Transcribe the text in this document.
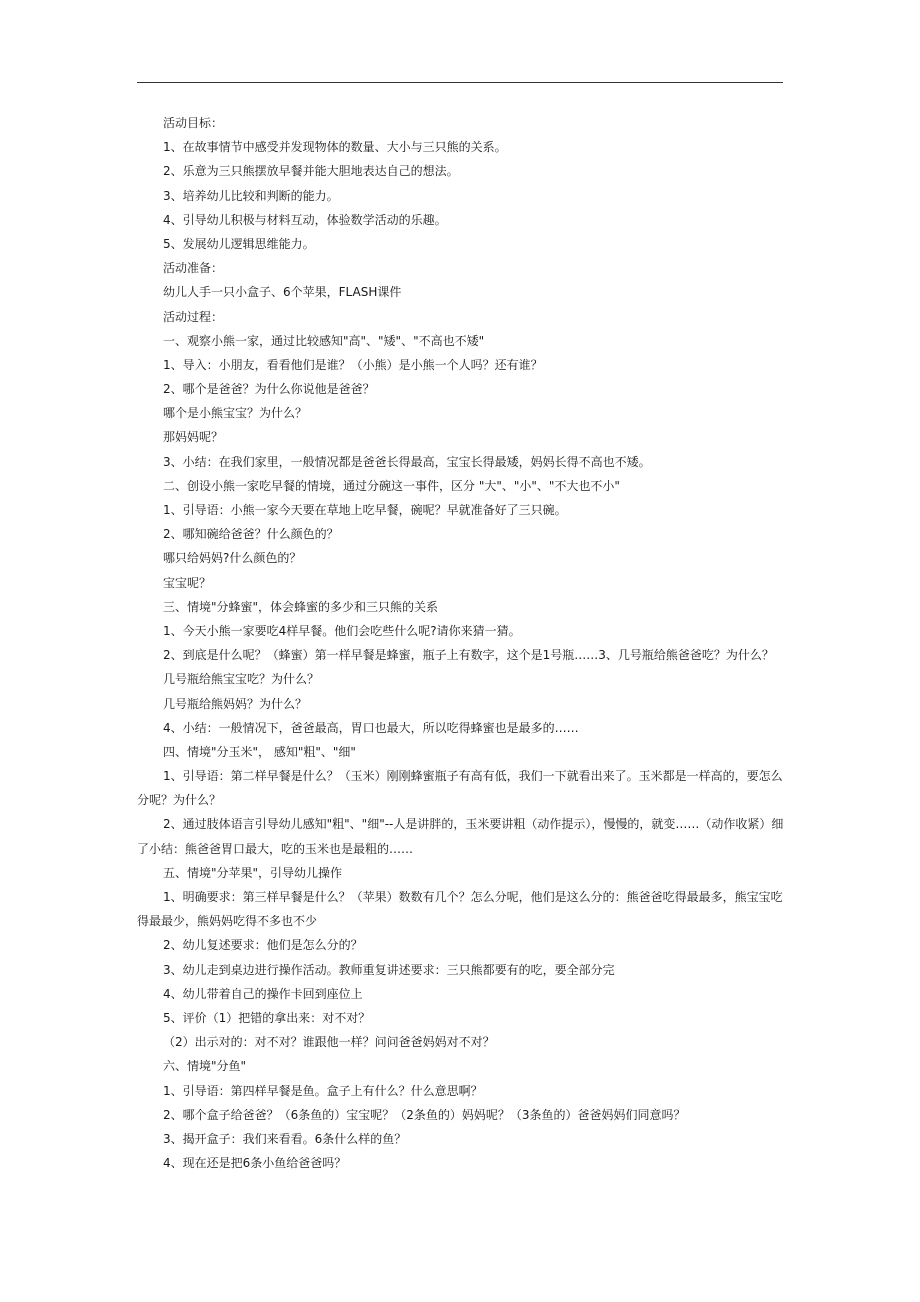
活动目标：
1、在故事情节中感受并发现物体的数量、大小与三只熊的关系。
2、乐意为三只熊摆放早餐并能大胆地表达自己的想法。
3、培养幼儿比较和判断的能力。
4、引导幼儿积极与材料互动，体验数学活动的乐趣。
5、发展幼儿逻辑思维能力。
活动准备：
幼儿人手一只小盒子、6个苹果，FLASH课件
活动过程：
一、观察小熊一家，通过比较感知"高"、"矮"、"不高也不矮"
1、导入：小朋友，看看他们是谁？（小熊）是小熊一个人吗？还有谁？
2、哪个是爸爸？为什么你说他是爸爸？
哪个是小熊宝宝？为什么？
那妈妈呢？
3、小结：在我们家里，一般情况都是爸爸长得最高，宝宝长得最矮，妈妈长得不高也不矮。
二、创设小熊一家吃早餐的情境，通过分碗这一事件，区分 "大"、"小"、"不大也不小"
1、引导语：小熊一家今天要在草地上吃早餐，碗呢？早就准备好了三只碗。
2、哪知碗给爸爸？什么颜色的？
哪只给妈妈?什么颜色的？
宝宝呢？
三、情境"分蜂蜜"，体会蜂蜜的多少和三只熊的关系
1、今天小熊一家要吃4样早餐。他们会吃些什么呢?请你来猜一猜。
2、到底是什么呢？（蜂蜜）第一样早餐是蜂蜜，瓶子上有数字，这个是1号瓶……3、几号瓶给熊爸爸吃？为什么？
几号瓶给熊宝宝吃？为什么？
几号瓶给熊妈妈？为什么？
4、小结：一般情况下，爸爸最高，胃口也最大，所以吃得蜂蜜也是最多的……
四、情境"分玉米"， 感知"粗"、"细"
1、引导语：第二样早餐是什么？（玉米）刚刚蜂蜜瓶子有高有低，我们一下就看出来了。玉米都是一样高的，要怎么分呢？为什么？
2、通过肢体语言引导幼儿感知"粗"、"细"--人是讲胖的，玉米要讲粗（动作提示），慢慢的，就变……（动作收紧）细了小结：熊爸爸胃口最大，吃的玉米也是最粗的……
五、情境"分苹果"，引导幼儿操作
1、明确要求：第三样早餐是什么？（苹果）数数有几个？怎么分呢，他们是这么分的：熊爸爸吃得最最多，熊宝宝吃得最最少，熊妈妈吃得不多也不少
2、幼儿复述要求：他们是怎么分的？
3、幼儿走到桌边进行操作活动。教师重复讲述要求：三只熊都要有的吃，要全部分完
4、幼儿带着自己的操作卡回到座位上
5、评价（1）把错的拿出来：对不对？
（2）出示对的：对不对？谁跟他一样？问问爸爸妈妈对不对？
六、情境"分鱼"
1、引导语：第四样早餐是鱼。盒子上有什么？什么意思啊？
2、哪个盒子给爸爸？（6条鱼的）宝宝呢？（2条鱼的）妈妈呢？（3条鱼的）爸爸妈妈们同意吗？
3、揭开盒子：我们来看看。6条什么样的鱼？
4、现在还是把6条小鱼给爸爸吗？
